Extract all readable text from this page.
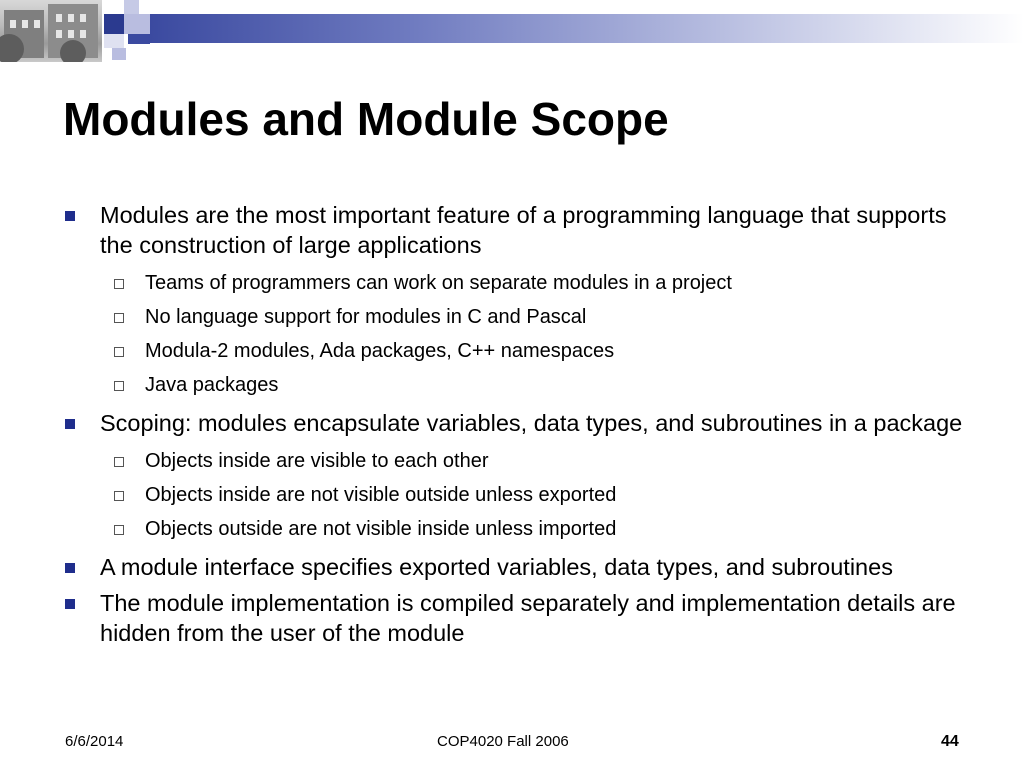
Modules and Module Scope
Modules are the most important feature of a programming language that supports the construction of large applications
Teams of programmers can work on separate modules in a project
No language support for modules in C and Pascal
Modula-2 modules, Ada packages, C++ namespaces
Java packages
Scoping: modules encapsulate variables, data types, and subroutines in a package
Objects inside are visible to each other
Objects inside are not visible outside unless exported
Objects outside are not visible inside unless imported
A module interface specifies exported variables, data types, and subroutines
The module implementation is compiled separately and implementation details are hidden from the user of the module
6/6/2014	COP4020 Fall 2006	44
